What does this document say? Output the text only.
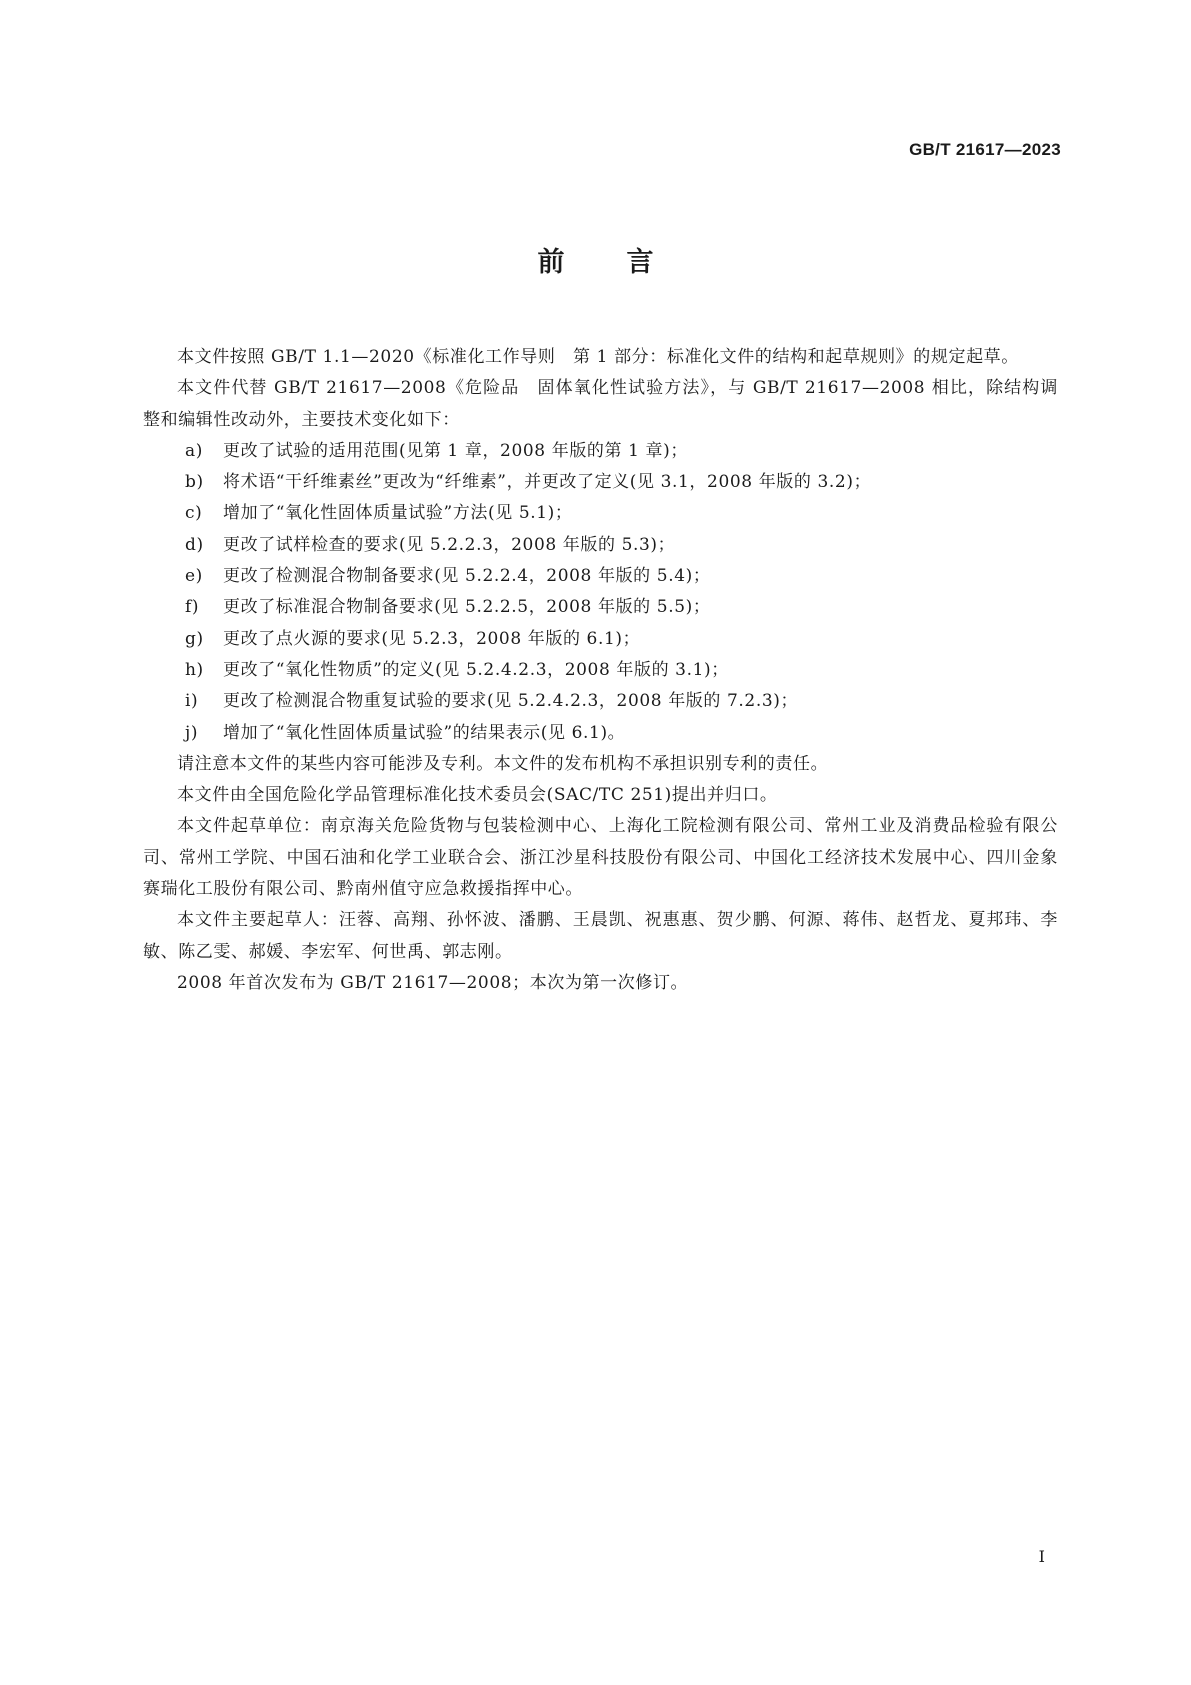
GB/T 21617—2023
前言

本文件按照 GB/T 1.1—2020《标准化工作导则　第 1 部分：标准化文件的结构和起草规则》的规定起草。

本文件代替 GB/T 21617—2008《危险品　固体氧化性试验方法》，与 GB/T 21617—2008 相比，除结构调整和编辑性改动外，主要技术变化如下：

a)	更改了试验的适用范围(见第 1 章，2008 年版的第 1 章)；

b)	将术语“干纤维素丝”更改为“纤维素”，并更改了定义(见 3.1，2008 年版的 3.2)；

c)	增加了“氧化性固体质量试验”方法(见 5.1)；

d)	更改了试样检查的要求(见 5.2.2.3，2008 年版的 5.3)；

e)	更改了检测混合物制备要求(见 5.2.2.4，2008 年版的 5.4)；

f)	更改了标准混合物制备要求(见 5.2.2.5，2008 年版的 5.5)；

g)	更改了点火源的要求(见 5.2.3，2008 年版的 6.1)；

h)	更改了“氧化性物质”的定义(见 5.2.4.2.3，2008 年版的 3.1)；

i)	更改了检测混合物重复试验的要求(见 5.2.4.2.3，2008 年版的 7.2.3)；

j)	增加了“氧化性固体质量试验”的结果表示(见 6.1)。

请注意本文件的某些内容可能涉及专利。本文件的发布机构不承担识别专利的责任。

本文件由全国危险化学品管理标准化技术委员会(SAC/TC 251)提出并归口。

本文件起草单位：南京海关危险货物与包装检测中心、上海化工院检测有限公司、常州工业及消费品检验有限公司、常州工学院、中国石油和化学工业联合会、浙江沙星科技股份有限公司、中国化工经济技术发展中心、四川金象赛瑞化工股份有限公司、黔南州值守应急救援指挥中心。

本文件主要起草人：汪蓉、高翔、孙怀波、潘鹏、王晨凯、祝惠惠、贺少鹏、何源、蒋伟、赵哲龙、夏邦玮、李敏、陈乙雯、郝媛、李宏军、何世禹、郭志刚。

2008 年首次发布为 GB/T 21617—2008；本次为第一次修订。

I
